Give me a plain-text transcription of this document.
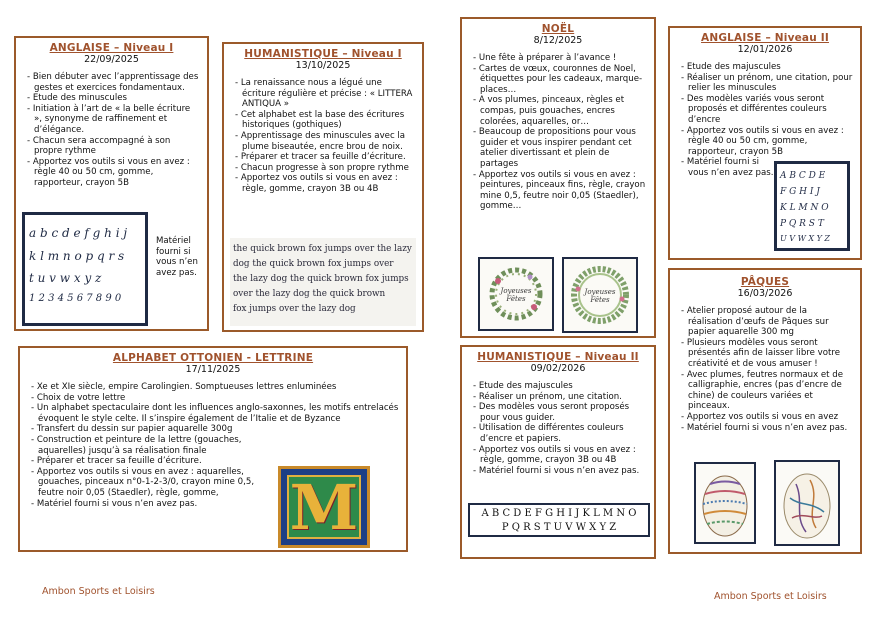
ANGLAISE – Niveau I
22/09/2025
- Bien débuter avec l’apprentissage des gestes et exercices fondamentaux.
- Etude des minuscules
- Initiation à l’art de « la belle écriture », synonyme de raffinement et d’élégance.
- Chacun sera accompagné à son propre rythme
- Apportez vos outils si vous en avez : règle 40 ou 50 cm, gomme, rapporteur, crayon 5B
a b c d e f g h i j
k l m n o p q r s
t u v w x y z
1 2 3 4 5 6 7 8 9 0
Matériel fourni si vous n’en avez pas.
HUMANISTIQUE – Niveau I
13/10/2025
- La renaissance nous a légué une écriture régulière et précise : « LITTERA ANTIQUA »
- Cet alphabet est la base des écritures historiques (gothiques)
- Apprentissage des minuscules avec la plume biseautée, encre brou de noix.
- Préparer et tracer sa feuille d’écriture.
- Chacun progresse à son propre rythme
- Apportez vos outils si vous en avez : règle, gomme, crayon 3B ou 4B
the quick brown fox jumps over the lazy
dog the quick brown fox jumps over
the lazy dog the quick brown fox jumps
over the lazy dog the quick brown
fox jumps over the lazy dog
NOËL
8/12/2025
- Une fête à préparer à l’avance !
- Cartes de vœux, couronnes de Noel, étiquettes pour les cadeaux, marque-places…
- A vos plumes, pinceaux, règles et compas, puis gouaches, encres colorées, aquarelles, or…
- Beaucoup de propositions pour vous guider et vous inspirer pendant cet atelier divertissant et plein de partages
- Apportez vos outils si vous en avez : peintures, pinceaux fins, règle, crayon mine 0,5, feutre noir 0,05 (Staedler), gomme…
Joyeuses Fêtes
Joyeuses Fêtes
ANGLAISE – Niveau II
12/01/2026
- Etude des majuscules
- Réaliser un prénom, une citation, pour relier les minuscules
- Des modèles variés vous seront proposés et différentes couleurs d’encre
- Apportez vos outils si vous en avez : règle 40 ou 50 cm, gomme, rapporteur, crayon 5B
- Matériel fourni si vous n’en avez pas. A B C D E
F G H I J
K L M N O
P Q R S T
U V W X Y Z
ALPHABET OTTONIEN - LETTRINE
17/11/2025
- Xe et XIe siècle, empire Carolingien. Somptueuses lettres enluminées
- Choix de votre lettre
- Un alphabet spectaculaire dont les influences anglo-saxonnes, les motifs entrelacés évoquent le style celte. Il s’inspire également de l’Italie et de Byzance
- Transfert du dessin sur papier aquarelle 300g
- Construction et peinture de la lettre (gouaches, aquarelles) jusqu’à sa réalisation finale
- Préparer et tracer sa feuille d’écriture.
- Apportez vos outils si vous en avez : aquarelles, gouaches, pinceaux n°0-1-2-3/0, crayon mine 0,5, feutre noir 0,05 (Staedler), règle, gomme,
- Matériel fourni si vous n’en avez pas.	M
HUMANISTIQUE – Niveau II
09/02/2026
- Etude des majuscules
- Réaliser un prénom, une citation.
- Des modèles vous seront proposés pour vous guider.
- Utilisation de différentes couleurs d’encre et papiers.
- Apportez vos outils si vous en avez : règle, gomme, crayon 3B ou 4B
- Matériel fourni si vous n’en avez pas.
A B C D E F G H I J K L M N O
P Q R S T U V W X Y Z
PÂQUES
16/03/2026
- Atelier proposé autour de la réalisation d’œufs de Pâques sur papier aquarelle 300 mg
- Plusieurs modèles vous seront présentés afin de laisser libre votre créativité et de vous amuser !
- Avec plumes, feutres normaux et de calligraphie, encres (pas d’encre de chine) de couleurs variées et pinceaux.
- Apportez vos outils si vous en avez
- Matériel fourni si vous n’en avez pas.
Ambon Sports et Loisirs	Ambon Sports et Loisirs
